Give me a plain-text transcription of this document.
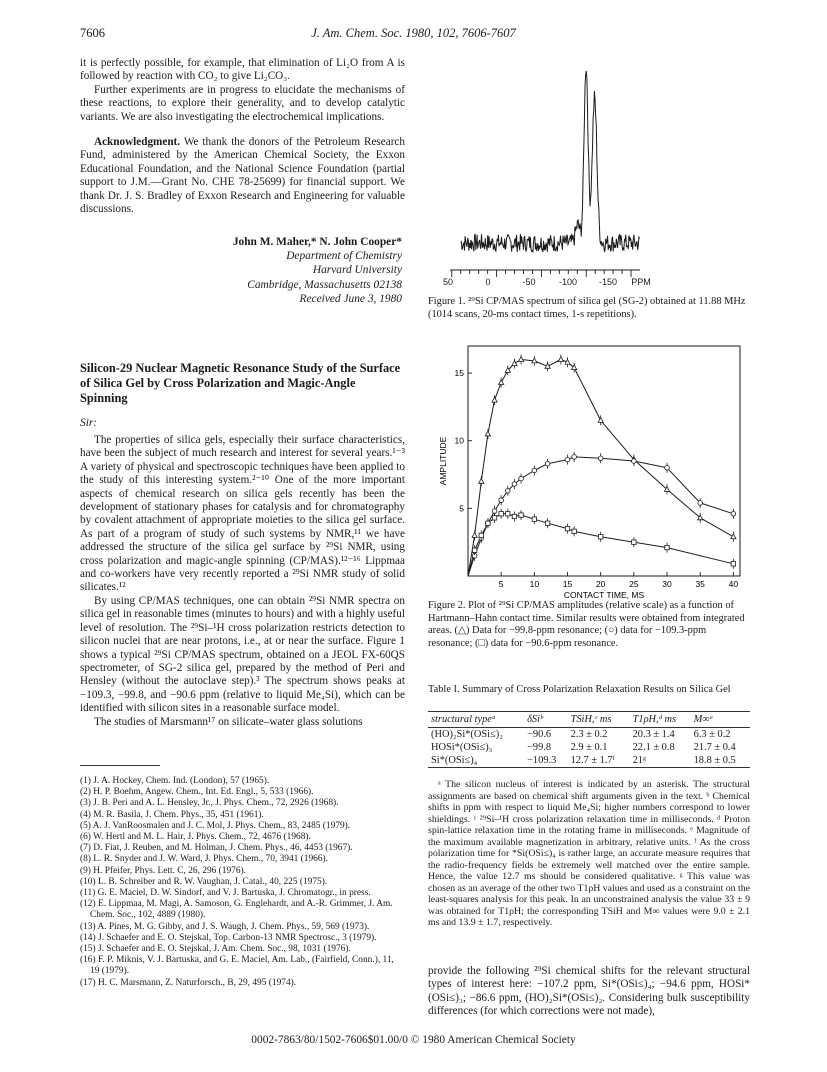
7606	J. Am. Chem. Soc. 1980, 102, 7606-7607

it is perfectly possible, for example, that elimination of Li₂O from A is followed by reaction with CO₂ to give Li₂CO₃.

Further experiments are in progress to elucidate the mechanisms of these reactions, to explore their generality, and to develop catalytic variants. We are also investigating the electrochemical implications.

Acknowledgment. We thank the donors of the Petroleum Research Fund, administered by the American Chemical Society, the Exxon Educational Foundation, and the National Science Foundation (partial support to J.M.—Grant No. CHE 78-25699) for financial support. We thank Dr. J. S. Bradley of Exxon Research and Engineering for valuable discussions.

John M. Maher,* N. John Cooper*
Department of Chemistry
Harvard University
Cambridge, Massachusetts 02138
Received June 3, 1980
Silicon-29 Nuclear Magnetic Resonance Study of the Surface of Silica Gel by Cross Polarization and Magic-Angle Spinning
Sir:

The properties of silica gels, especially their surface characteristics, have been the subject of much research and interest for several years.¹⁻³ A variety of physical and spectroscopic techniques have been applied to the study of this interesting system.²⁻¹⁰ One of the more important aspects of chemical research on silica gels recently has been the development of stationary phases for catalysis and for chromatography by covalent attachment of appropriate moieties to the silica gel surface. As part of a program of study of such systems by NMR,¹¹ we have addressed the structure of the silica gel surface by ²⁹Si NMR, using cross polarization and magic-angle spinning (CP/MAS).¹²⁻¹⁶ Lippmaa and co-workers have very recently reported a ²⁹Si NMR study of solid silicates.¹²

By using CP/MAS techniques, one can obtain ²⁹Si NMR spectra on silica gel in reasonable times (minutes to hours) and with a highly useful level of resolution. The ²⁹Si–¹H cross polarization restricts detection to silicon nuclei that are near protons, i.e., at or near the surface. Figure 1 shows a typical ²⁹Si CP/MAS spectrum, obtained on a JEOL FX-60QS spectrometer, of SG-2 silica gel, prepared by the method of Peri and Hensley (without the autoclave step).³ The spectrum shows peaks at −109.3, −99.8, and −90.6 ppm (relative to liquid Me₄Si), which can be identified with silicon sites in a reasonable surface model.

The studies of Marsmann¹⁷ on silicate–water glass solutions

(1) J. A. Hockey, Chem. Ind. (London), 57 (1965).
(2) H. P. Boehm, Angew. Chem., Int. Ed. Engl., 5, 533 (1966).
(3) J. B. Peri and A. L. Hensley, Jr., J. Phys. Chem., 72, 2926 (1968).
(4) M. R. Basila, J. Chem. Phys., 35, 451 (1961).
(5) A. J. VanRoosmalen and J. C. Mol, J. Phys. Chem., 83, 2485 (1979).
(6) W. Hertl and M. L. Hair, J. Phys. Chem., 72, 4676 (1968).
(7) D. Fiat, J. Reuben, and M. Holman, J. Chem. Phys., 46, 4453 (1967).
(8) L. R. Snyder and J. W. Ward, J. Phys. Chem., 70, 3941 (1966).
(9) H. Pfeifer, Phys. Lett. C, 26, 296 (1976).
(10) L. B. Schreiber and R. W. Vaughan, J. Catal., 40, 225 (1975).
(11) G. E. Maciel, D. W. Sindorf, and V. J. Bartuska, J. Chromatogr., in press.
(12) E. Lippmaa, M. Magi, A. Samoson, G. Englehardt, and A.-R. Grimmer, J. Am. Chem. Soc., 102, 4889 (1980).
(13) A. Pines, M. G. Gibby, and J. S. Waugh, J. Chem. Phys., 59, 569 (1973).
(14) J. Schaefer and E. O. Stejskal, Top. Carbon-13 NMR Spectrosc., 3 (1979).
(15) J. Schaefer and E. O. Stejskal, J. Am. Chem. Soc., 98, 1031 (1976).
(16) F. P. Miknis, V. J. Bartuska, and G. E. Maciel, Am. Lab., (Fairfield, Conn.), 11, 19 (1979).
(17) H. C. Marsmann, Z. Naturforsch., B, 29, 495 (1974).
50	0	-50	-100 -150 PPM
Figure 1. ²⁹Si CP/MAS spectrum of silica gel (SG-2) obtained at 11.88 MHz (1014 scans, 20-ms contact times, 1-s repetitions).
5	10	15	20	25	30	35	40
5
10
15
CONTACT TIME, MS
AMPLITUDE
Figure 2. Plot of ²⁹Si CP/MAS amplitudes (relative scale) as a function of Hartmann–Hahn contact time. Similar results were obtained from integrated areas. (△) Data for −99.8-ppm resonance; (○) data for −109.3-ppm resonance; (□) data for −90.6-ppm resonance.
Table I. Summary of Cross Polarization Relaxation Results on Silica Gel
structural typeᵃ	δSiᵇ	TSiH,ᶜ ms	T1ρH,ᵈ ms	M∞ᵉ
(HO)₂Si*(OSi≤)₂	−90.6	2.3 ± 0.2	20.3 ± 1.4	6.3 ± 0.2
HOSi*(OSi≤)₃	−99.8	2.9 ± 0.1	22.1 ± 0.8	21.7 ± 0.4
Si*(OSi≤)₄	−109.3	12.7 ± 1.7ᶠ	21ᵍ	18.8 ± 0.5

ᵃ The silicon nucleus of interest is indicated by an asterisk. The structural assignments are based on chemical shift arguments given in the text. ᵇ Chemical shifts in ppm with respect to liquid Me₄Si; higher numbers correspond to lower shieldings. ᶜ ²⁹Si–¹H cross polarization relaxation time in milliseconds. ᵈ Proton spin-lattice relaxation time in the rotating frame in milliseconds. ᵉ Magnitude of the maximum available magnetization in arbitrary, relative units. ᶠ As the cross polarization time for *Si(OSi≤)₄ is rather large, an accurate measure requires that the radio-frequency fields be extremely well matched over the entire sample. Hence, the value 12.7 ms should be considered qualitative. ᵍ This value was chosen as an average of the other two T1ρH values and used as a constraint on the least-squares analysis for this peak. In an unconstrained analysis the value 33 ± 9 was obtained for T1ρH; the corresponding TSiH and M∞ values were 9.0 ± 2.1 ms and 13.9 ± 1.7, respectively.

provide the following ²⁹Si chemical shifts for the relevant structural types of interest here: −107.2 ppm, Si*(OSi≤)₄; −94.6 ppm, HOSi*(OSi≤)₃; −86.6 ppm, (HO)₂Si*(OSi≤)₂. Considering bulk susceptibility differences (for which corrections were not made),

0002-7863/80/1502-7606$01.00/0 © 1980 American Chemical Society
